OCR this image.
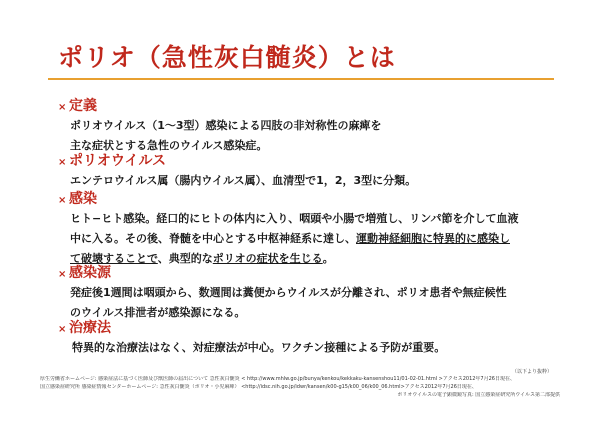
ポリオ（急性灰白髄炎）とは
× 定義
ポリオウイルス（1〜3型）感染による四肢の非対称性の麻痺を
主な症状とする急性のウイルス感染症。
× ポリオウイルス
エンテロウイルス属（腸内ウイルス属）、血清型で1，2，3型に分類。
× 感染
ヒト−ヒト感染。経口的にヒトの体内に入り、咽頭や小腸で増殖し、リンパ節を介して血液
中に入る。その後、脊髄を中心とする中枢神経系に達し、運動神経細胞に特異的に感染し
て破壊することで、典型的なポリオの症状を生じる。
× 感染源
発症後1週間は咽頭から、数週間は糞便からウイルスが分離され、ポリオ患者や無症候性
のウイルス排泄者が感染源になる。
× 治療法
特異的な治療法はなく、対症療法が中心。ワクチン接種による予防が重要。
（以下より抜粋）
厚生労働省ホームページ: 感染症法に基づく医師及び獣医師の届出について 急性灰白髄炎 < http://www.mhlw.go.jp/bunya/kenkou/kekkaku-kansenshou11/01-02-01.html >アクセス2012年7月26日現在、
国立感染症研究所 感染症情報センターホームページ: 急性灰白髄炎（ポリオ・小児麻痺） <http://idsc.nih.go.jp/idwr/kansen/k00-g15/k00_06/k00_06.html>アクセス2012年7月26日現在、
ポリオウイルスの電子顕微鏡写真: 国立感染症研究所ウイルス第二部提供
